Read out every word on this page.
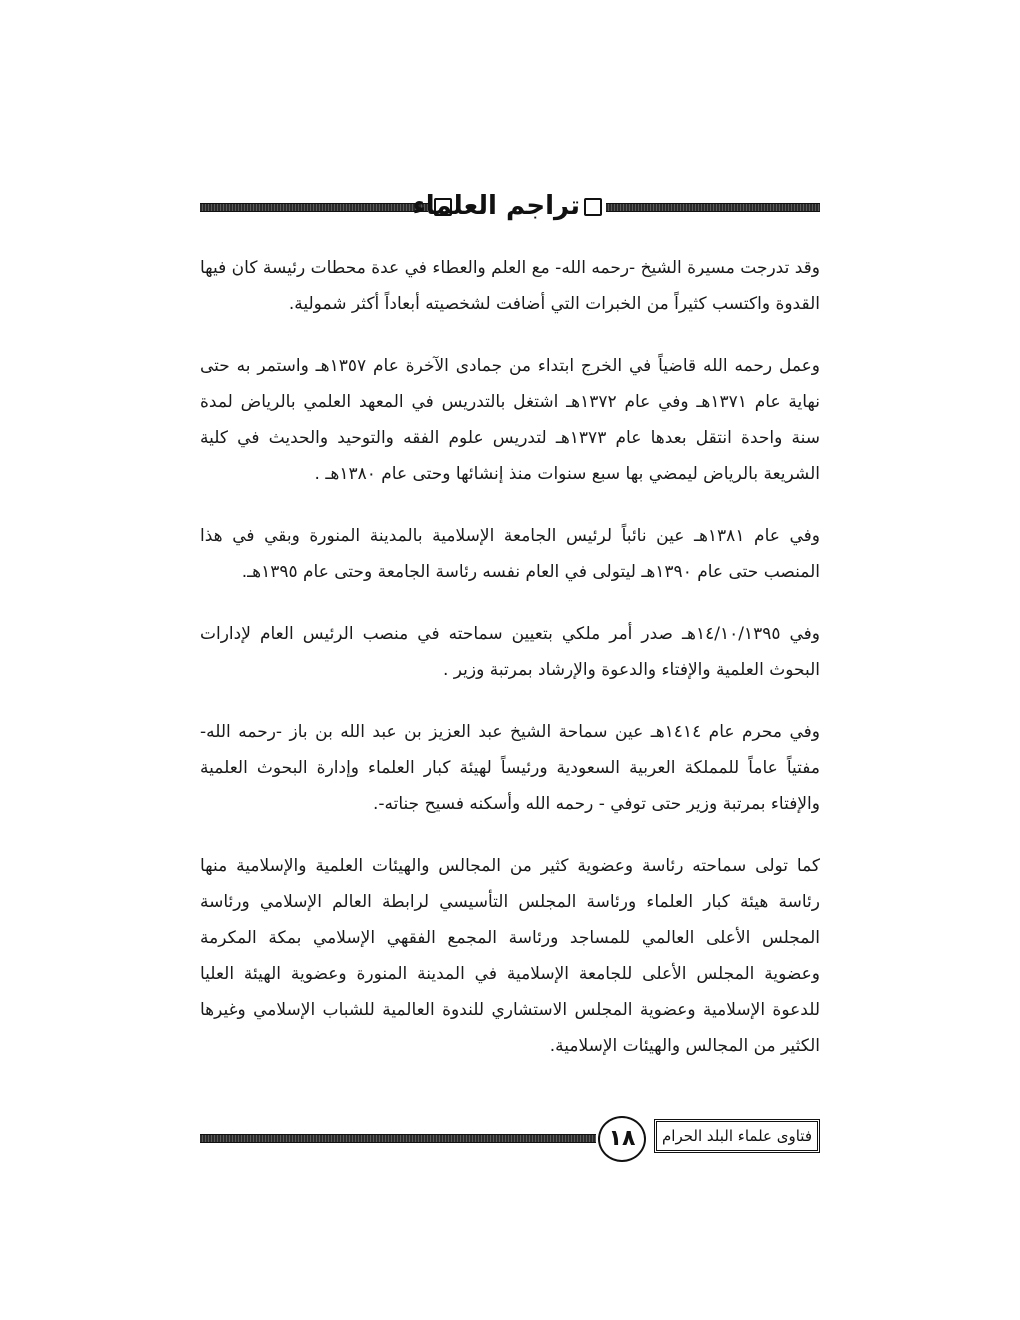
تراجم العلماء

وقد تدرجت مسيرة الشيخ -رحمه الله- مع العلم والعطاء في عدة محطات رئيسة كان فيها القدوة واكتسب كثيراً من الخبرات التي أضافت لشخصيته أبعاداً أكثر شمولية.

وعمل رحمه الله قاضياً في الخرج ابتداء من جمادى الآخرة عام ١٣٥٧هـ واستمر به حتى نهاية عام ١٣٧١هـ وفي عام ١٣٧٢هـ اشتغل بالتدريس في المعهد العلمي بالرياض لمدة سنة واحدة انتقل بعدها عام ١٣٧٣هـ لتدريس علوم الفقه والتوحيد والحديث في كلية الشريعة بالرياض ليمضي بها سبع سنوات منذ إنشائها وحتى عام ١٣٨٠هـ .

وفي عام ١٣٨١هـ عين نائباً لرئيس الجامعة الإسلامية بالمدينة المنورة وبقي في هذا المنصب حتى عام ١٣٩٠هـ ليتولى في العام نفسه رئاسة الجامعة وحتى عام ١٣٩٥هـ.

وفي ١٤/١٠/١٣٩٥هـ صدر أمر ملكي بتعيين سماحته في منصب الرئيس العام لإدارات البحوث العلمية والإفتاء والدعوة والإرشاد بمرتبة وزير .

وفي محرم عام ١٤١٤هـ عين سماحة الشيخ عبد العزيز بن عبد الله بن باز -رحمه الله- مفتياً عاماً للمملكة العربية السعودية ورئيساً لهيئة كبار العلماء وإدارة البحوث العلمية والإفتاء بمرتبة وزير حتى توفي - رحمه الله وأسكنه فسيح جناته-.

كما تولى سماحته رئاسة وعضوية كثير من المجالس والهيئات العلمية والإسلامية منها رئاسة هيئة كبار العلماء ورئاسة المجلس التأسيسي لرابطة العالم الإسلامي ورئاسة المجلس الأعلى العالمي للمساجد ورئاسة المجمع الفقهي الإسلامي بمكة المكرمة وعضوية المجلس الأعلى للجامعة الإسلامية في المدينة المنورة وعضوية الهيئة العليا للدعوة الإسلامية وعضوية المجلس الاستشاري للندوة العالمية للشباب الإسلامي وغيرها الكثير من المجالس والهيئات الإسلامية.

١٨	فتاوى علماء البلد الحرام
